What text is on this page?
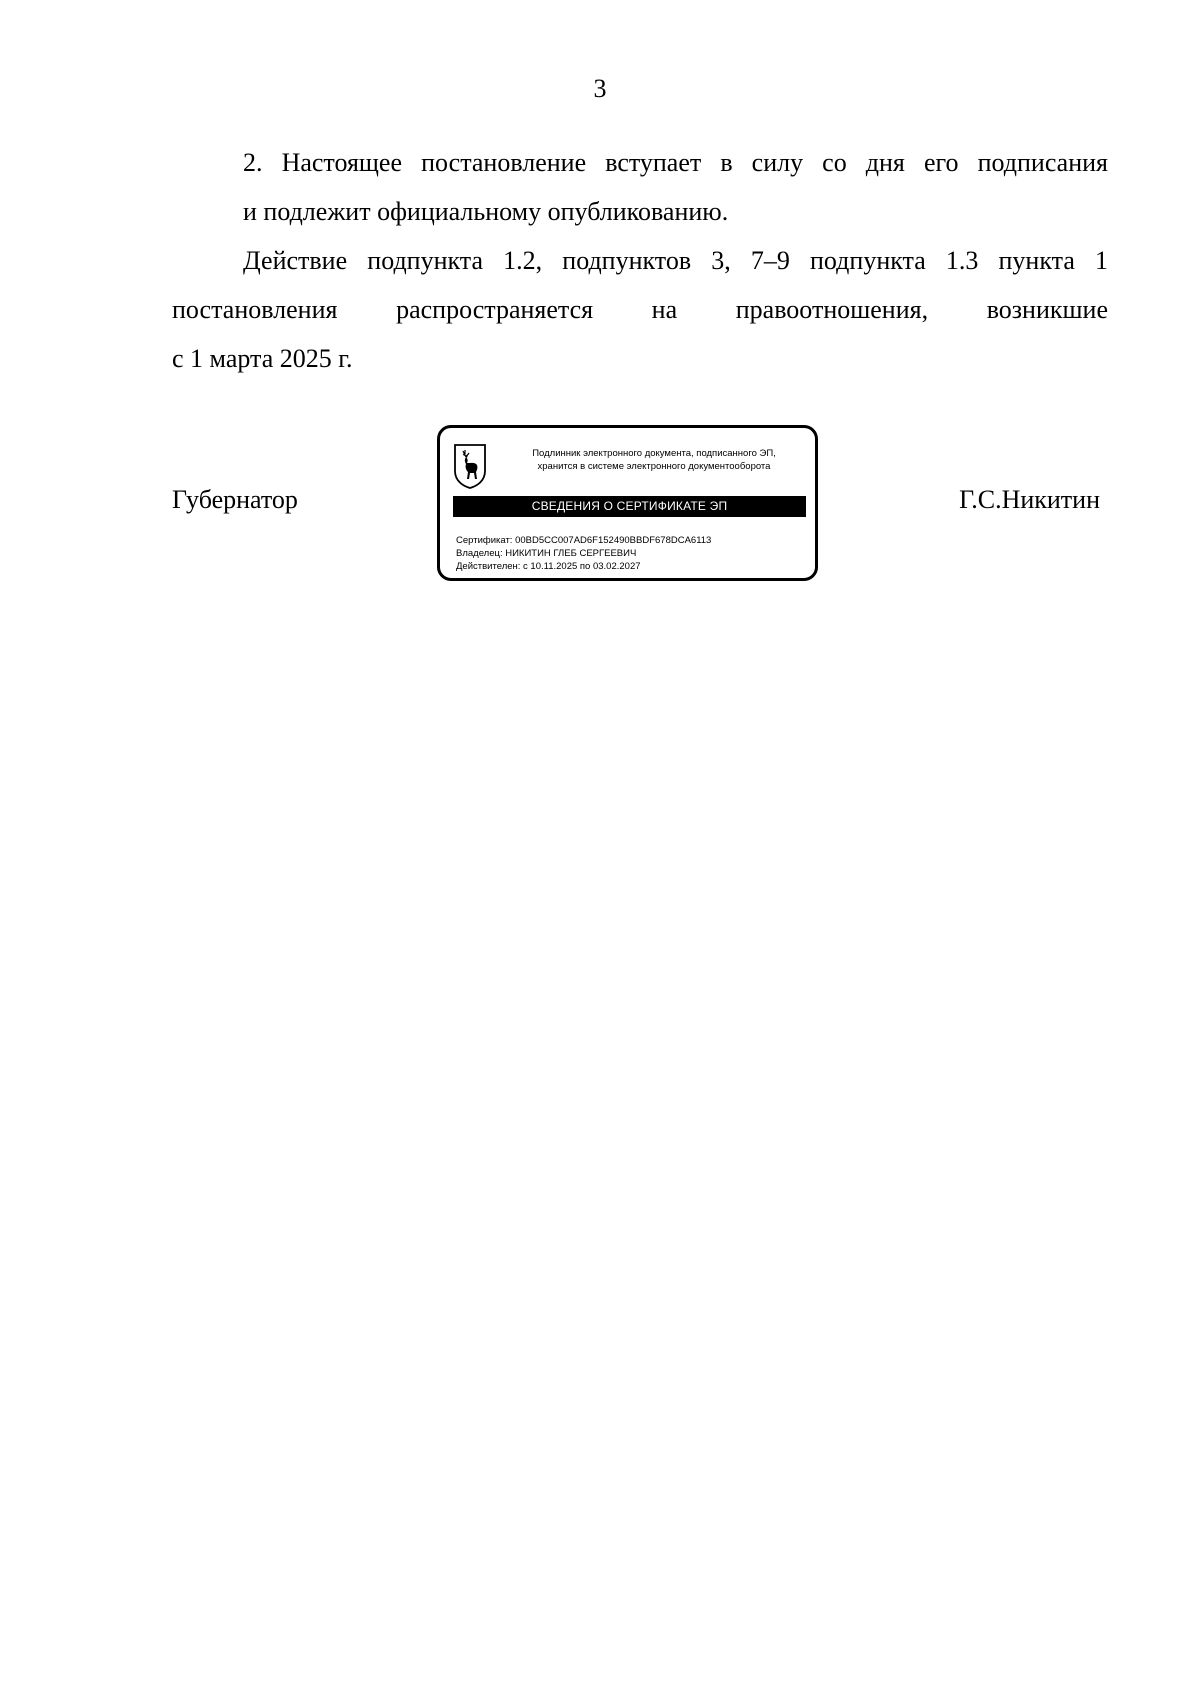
3

2. Настоящее постановление вступает в силу со дня его подписания
и подлежит официальному опубликованию.

Действие подпункта 1.2, подпунктов 3, 7–9 подпункта 1.3 пункта 1
постановления распространяется на правоотношения, возникшие
с 1 марта 2025 г.

Губернатор
Подлинник электронного документа, подписанного ЭП,
хранится в системе электронного документооборота
СВЕДЕНИЯ О СЕРТИФИКАТЕ ЭП
Сертификат: 00BD5CC007AD6F152490BBDF678DCA6113
Владелец: НИКИТИН ГЛЕБ СЕРГЕЕВИЧ
Действителен: с 10.11.2025 по 03.02.2027
Г.С.Никитин
